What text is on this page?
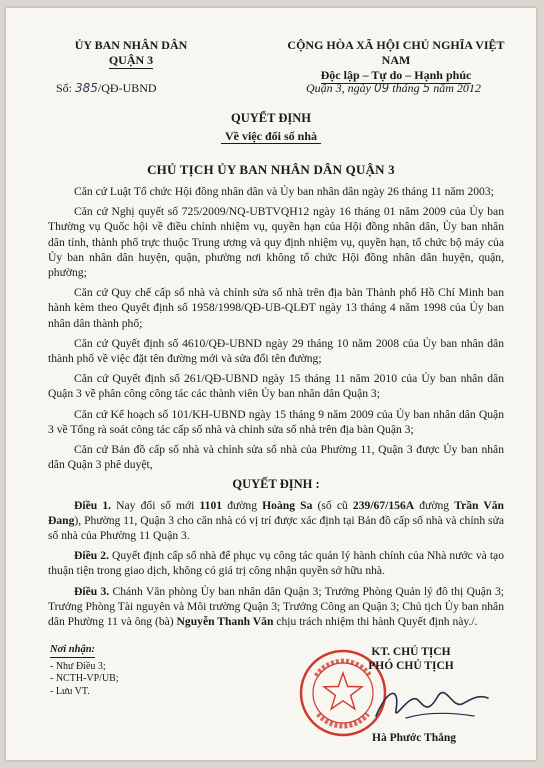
ỦY BAN NHÂN DÂN
QUẬN 3
CỘNG HÒA XÃ HỘI CHỦ NGHĨA VIỆT NAM
Độc lập – Tự do – Hạnh phúc
Số: 385/QĐ-UBND	Quận 3, ngày 09 tháng 5 năm 2012
QUYẾT ĐỊNH
Về việc đổi số nhà
CHỦ TỊCH ỦY BAN NHÂN DÂN QUẬN 3

Căn cứ Luật Tổ chức Hội đồng nhân dân và Ủy ban nhân dân ngày 26 tháng 11 năm 2003;

Căn cứ Nghị quyết số 725/2009/NQ-UBTVQH12 ngày 16 tháng 01 năm 2009 của Ủy ban Thường vụ Quốc hội về điều chỉnh nhiệm vụ, quyền hạn của Hội đồng nhân dân, Ủy ban nhân dân tỉnh, thành phố trực thuộc Trung ương và quy định nhiệm vụ, quyền hạn, tổ chức bộ máy của Ủy ban nhân dân huyện, quận, phường nơi không tổ chức Hội đồng nhân dân huyện, quận, phường;

Căn cứ Quy chế cấp số nhà và chỉnh sửa số nhà trên địa bàn Thành phố Hồ Chí Minh ban hành kèm theo Quyết định số 1958/1998/QĐ-UB-QLĐT ngày 13 tháng 4 năm 1998 của Ủy ban nhân dân thành phố;

Căn cứ Quyết định số 4610/QĐ-UBND ngày 29 tháng 10 năm 2008 của Ủy ban nhân dân thành phố về việc đặt tên đường mới và sửa đổi tên đường;

Căn cứ Quyết định số 261/QĐ-UBND ngày 15 tháng 11 năm 2010 của Ủy ban nhân dân Quận 3 về phân công công tác các thành viên Ủy ban nhân dân Quận 3;

Căn cứ Kế hoạch số 101/KH-UBND ngày 15 tháng 9 năm 2009 của Ủy ban nhân dân Quận 3 về Tổng rà soát công tác cấp số nhà và chỉnh sửa số nhà trên địa bàn Quận 3;

Căn cứ Bản đồ cấp số nhà và chỉnh sửa số nhà của Phường 11, Quận 3 được Ủy ban nhân dân Quận 3 phê duyệt,

QUYẾT ĐỊNH :

Điều 1. Nay đổi số mới 1101 đường Hoàng Sa (số cũ 239/67/156A đường Trần Văn Đang), Phường 11, Quận 3 cho căn nhà có vị trí được xác định tại Bản đồ cấp số nhà và chỉnh sửa số nhà của Phường 11 Quận 3.

Điều 2. Quyết định cấp số nhà để phục vụ công tác quản lý hành chính của Nhà nước và tạo thuận tiện trong giao dịch, không có giá trị công nhận quyền sở hữu nhà.

Điều 3. Chánh Văn phòng Ủy ban nhân dân Quận 3; Trưởng Phòng Quản lý đô thị Quận 3; Trưởng Phòng Tài nguyên và Môi trường Quận 3; Trưởng Công an Quận 3; Chủ tịch Ủy ban nhân dân Phường 11 và ông (bà) Nguyễn Thanh Văn chịu trách nhiệm thi hành Quyết định này./.

Nơi nhận:
- Như Điều 3;
- NCTH-VP/UB;
- Lưu VT.
KT. CHỦ TỊCH
PHÓ CHỦ TỊCH
Hà Phước Thắng
